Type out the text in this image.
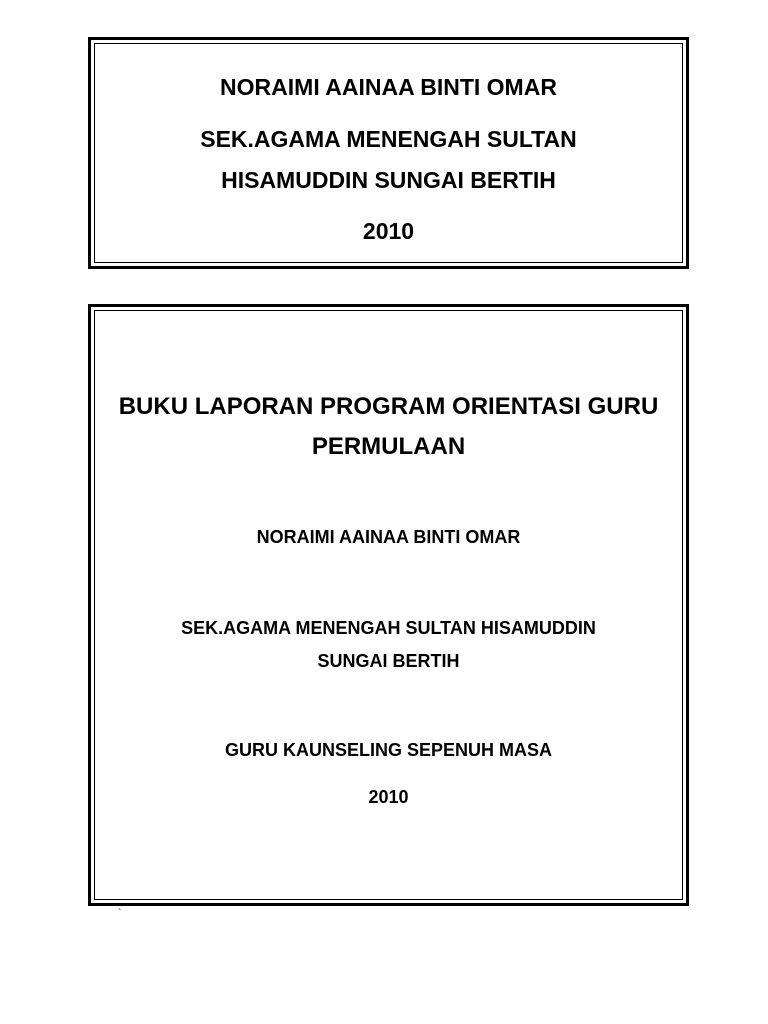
NORAIMI AAINAA BINTI OMAR
SEK.AGAMA MENENGAH SULTAN
HISAMUDDIN SUNGAI BERTIH
2010
BUKU LAPORAN PROGRAM ORIENTASI GURU
PERMULAAN
NORAIMI AAINAA BINTI OMAR
SEK.AGAMA MENENGAH SULTAN HISAMUDDIN
SUNGAI BERTIH
GURU KAUNSELING SEPENUH MASA
2010
`
